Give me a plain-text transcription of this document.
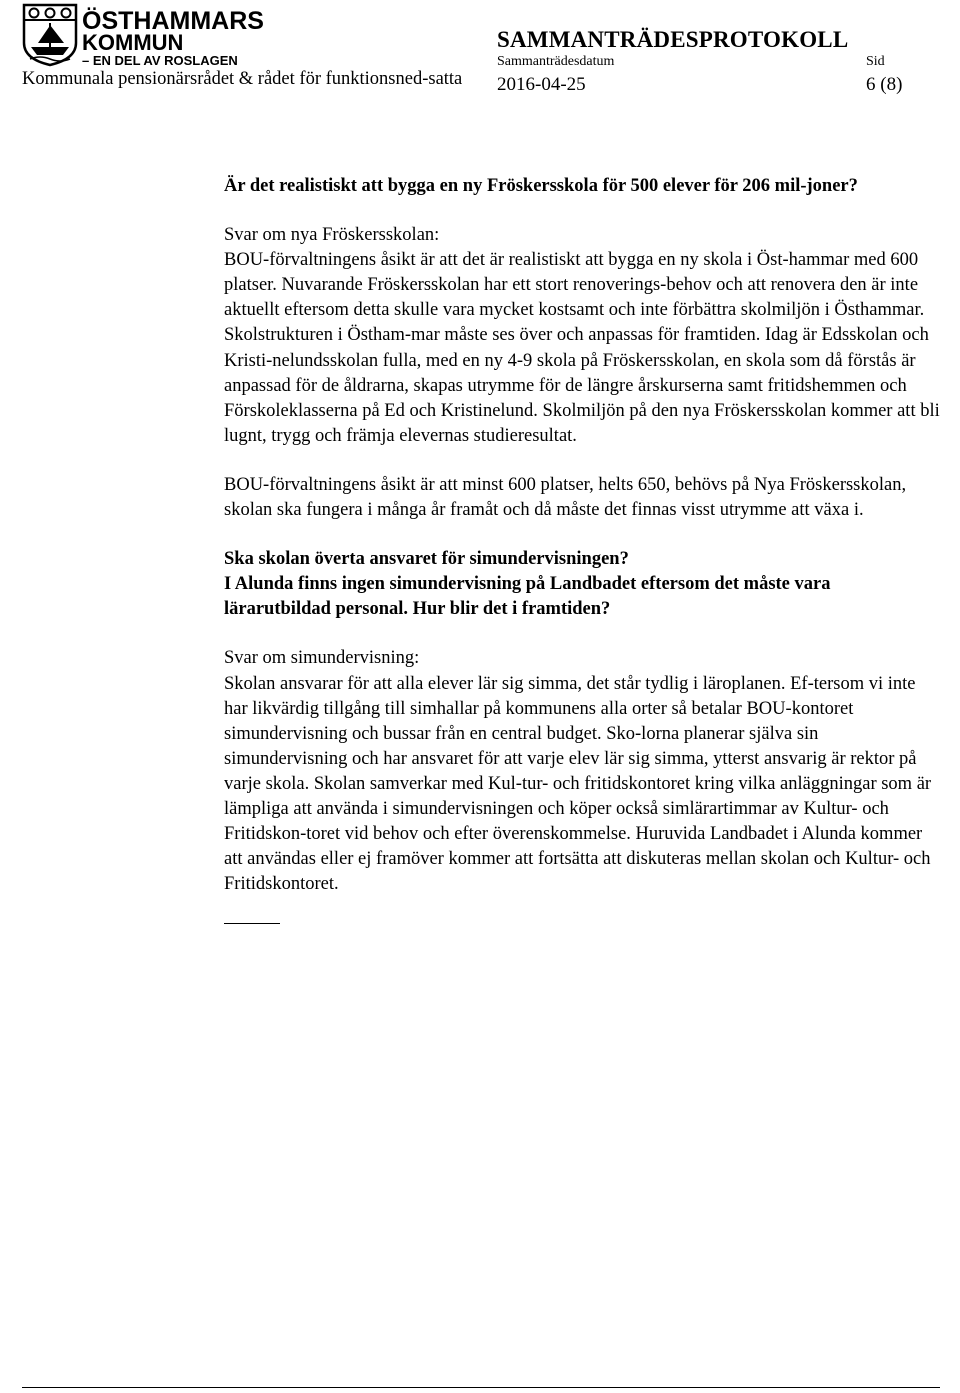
ÖSTHAMMARS
KOMMUN
– EN DEL AV ROSLAGEN
Kommunala pensionärsrådet & rådet för funktionsned-satta
SAMMANTRÄDESPROTOKOLL
Sammanträdesdatum
2016-04-25
Sid
6 (8)

Är det realistiskt att bygga en ny Fröskersskola för 500 elever för 206 mil-joner?

Svar om nya Fröskersskolan:
BOU-förvaltningens åsikt är att det är realistiskt att bygga en ny skola i Öst-hammar med 600 platser. Nuvarande Fröskersskolan har ett stort renoverings-behov och att renovera den är inte aktuellt eftersom detta skulle vara mycket kostsamt och inte förbättra skolmiljön i Östhammar. Skolstrukturen i Östham-mar måste ses över och anpassas för framtiden. Idag är Edsskolan och Kristi-nelundsskolan fulla, med en ny 4-9 skola på Fröskersskolan, en skola som då förstås är anpassad för de åldrarna, skapas utrymme för de längre årskurserna samt fritidshemmen och Förskoleklasserna på Ed och Kristinelund. Skolmiljön på den nya Fröskersskolan kommer att bli lugnt, trygg och främja elevernas studieresultat.

BOU-förvaltningens åsikt är att minst 600 platser, helts 650, behövs på Nya Fröskersskolan, skolan ska fungera i många år framåt och då måste det finnas visst utrymme att växa i.

Ska skolan överta ansvaret för simundervisningen?
I Alunda finns ingen simundervisning på Landbadet eftersom det måste vara lärarutbildad personal. Hur blir det i framtiden?

Svar om simundervisning:
Skolan ansvarar för att alla elever lär sig simma, det står tydlig i läroplanen. Ef-tersom vi inte har likvärdig tillgång till simhallar på kommunens alla orter så betalar BOU-kontoret simundervisning och bussar från en central budget. Sko-lorna planerar själva sin simundervisning och har ansvaret för att varje elev lär sig simma, ytterst ansvarig är rektor på varje skola. Skolan samverkar med Kul-tur- och fritidskontoret kring vilka anläggningar som är lämpliga att använda i simundervisningen och köper också simlärartimmar av Kultur- och Fritidskon-toret vid behov och efter överenskommelse. Huruvida Landbadet i Alunda kommer att användas eller ej framöver kommer att fortsätta att diskuteras mellan skolan och Kultur- och Fritidskontoret.
